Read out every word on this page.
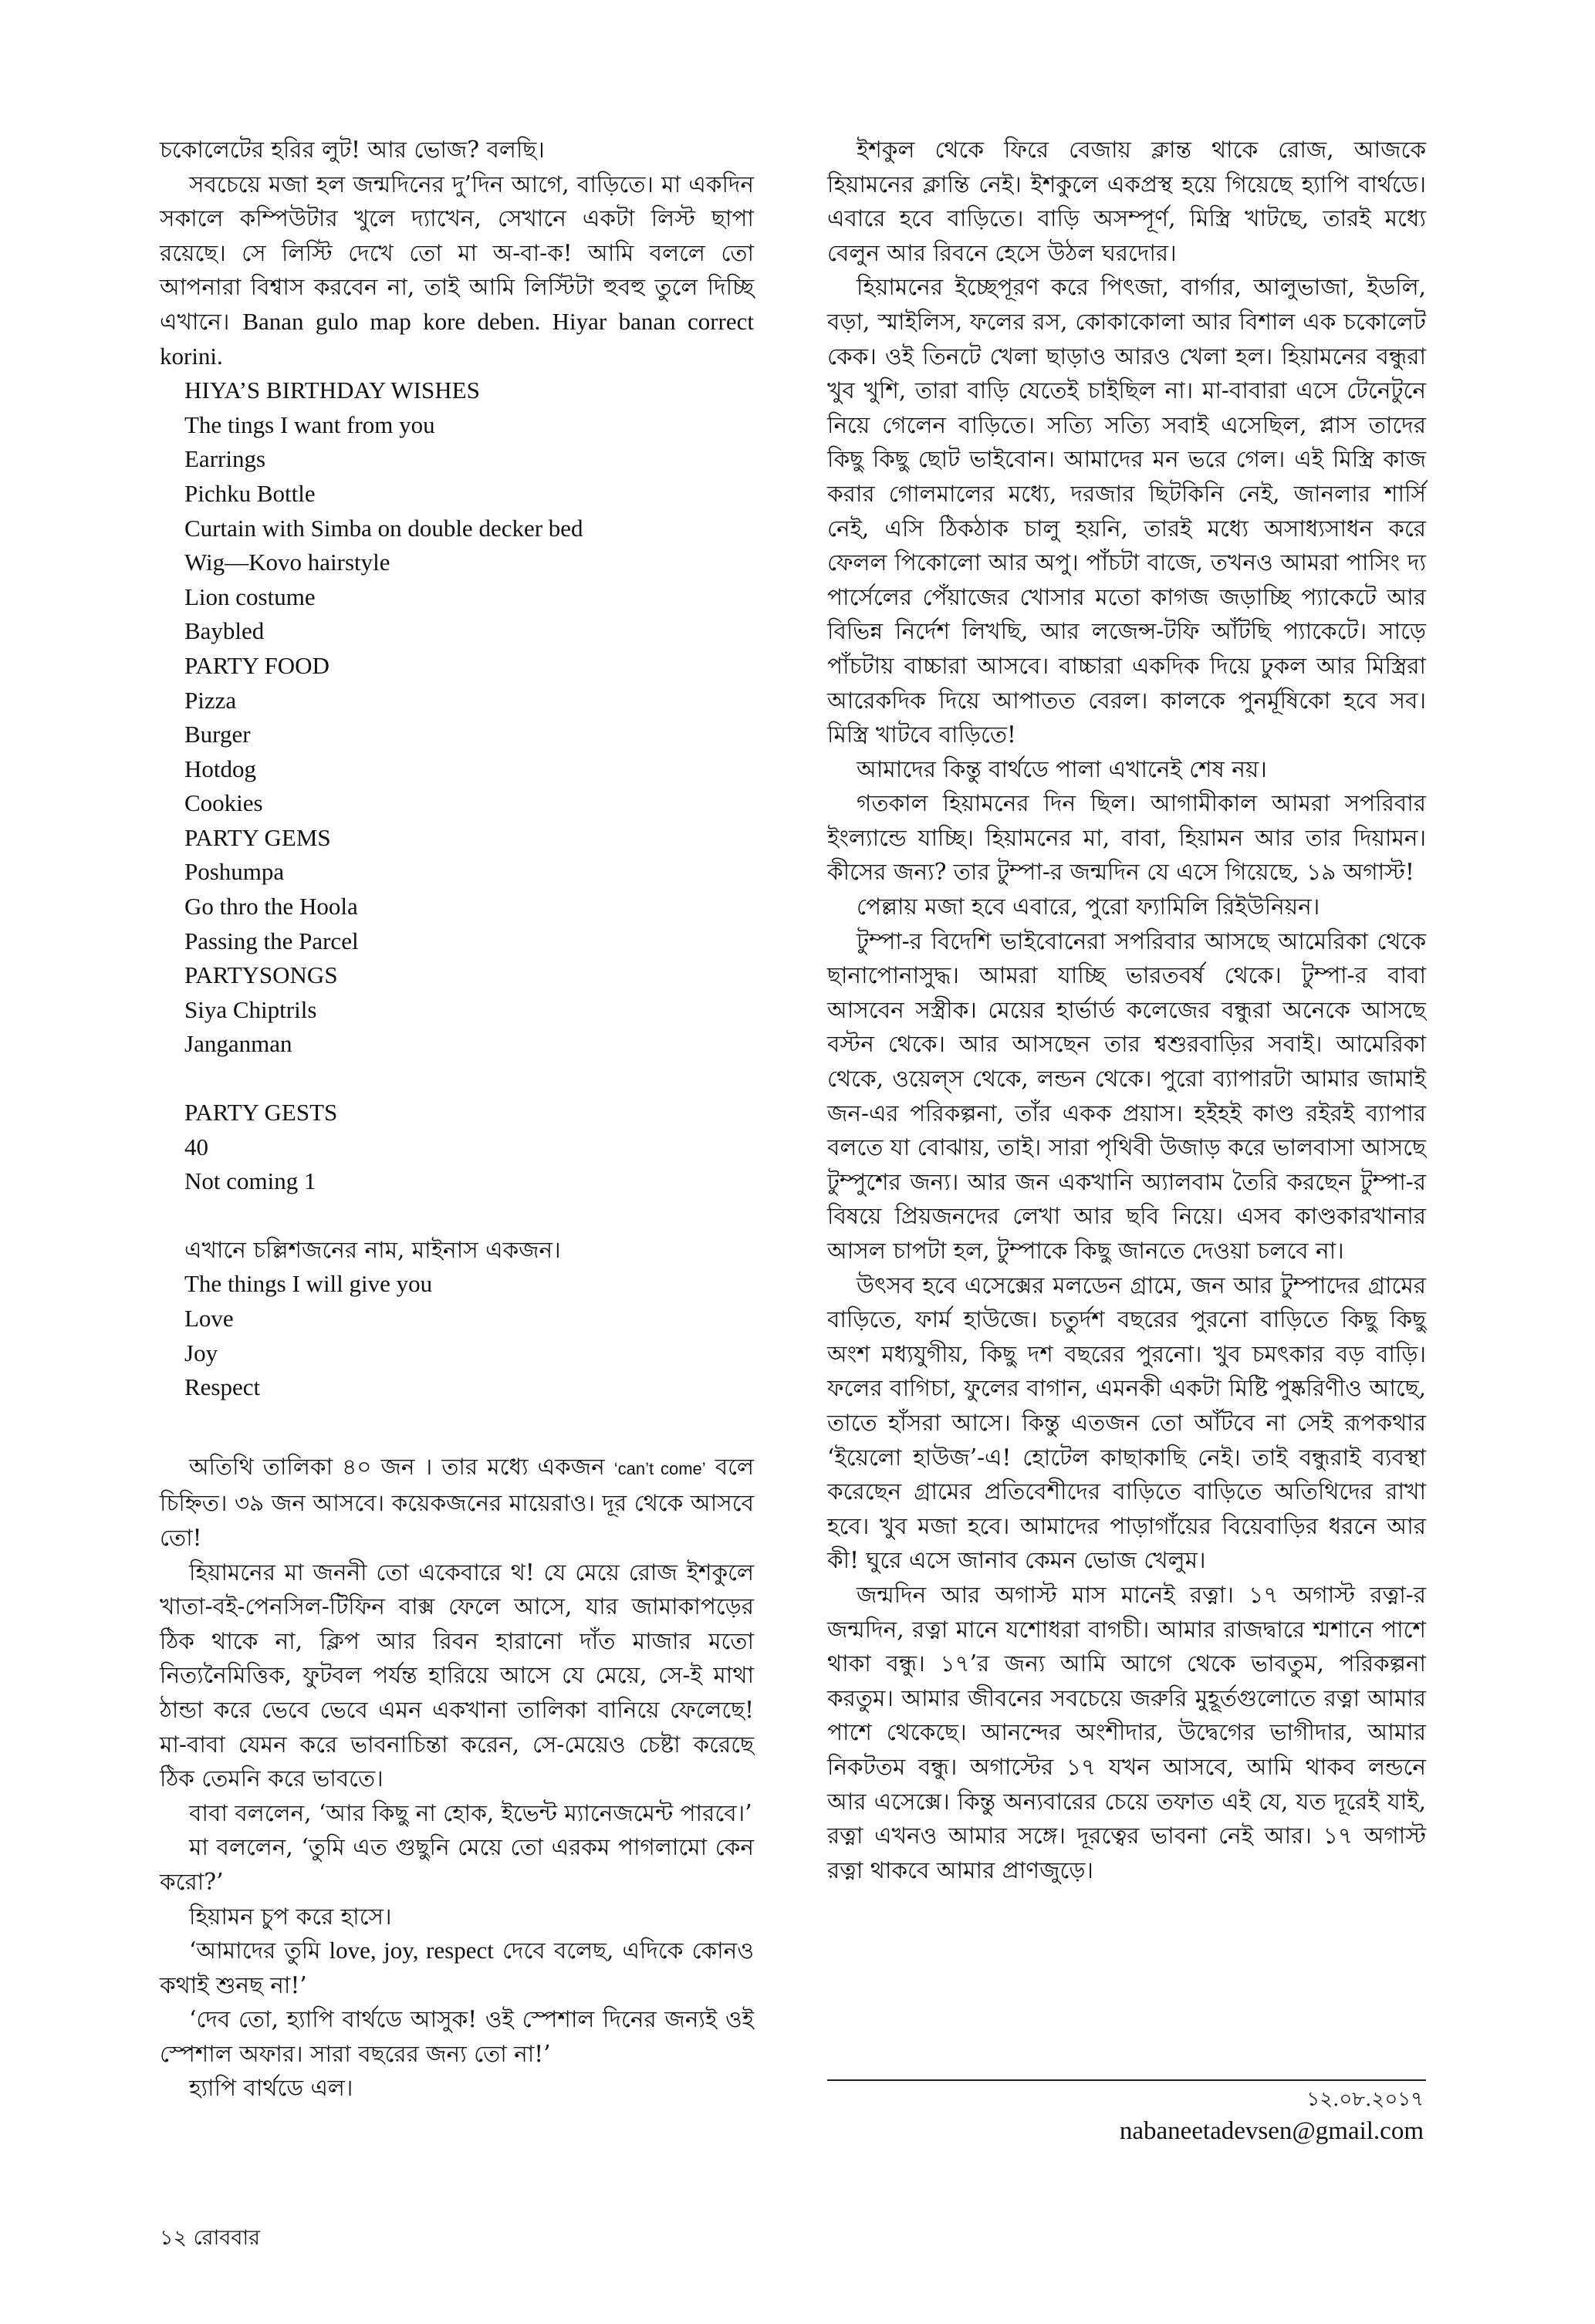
চকোলেটের হরির লুট! আর ভোজ? বলছি।

সবচেয়ে মজা হল জন্মদিনের দু’দিন আগে, বাড়িতে। মা একদিন সকালে কম্পিউটার খুলে দ্যাখেন, সেখানে একটা লিস্ট ছাপা রয়েছে। সে লিস্টি দেখে তো মা অ-বা-ক! আমি বললে তো আপনারা বিশ্বাস করবেন না, তাই আমি লিস্টিটা হুবহু তুলে দিচ্ছি এখানে। Banan gulo map kore deben. Hiyar banan correct korini.

HIYA’S BIRTHDAY WISHES
The tings I want from you
Earrings
Pichku Bottle
Curtain with Simba on double decker bed
Wig—Kovo hairstyle
Lion costume
Baybled
PARTY FOOD
Pizza
Burger
Hotdog
Cookies
PARTY GEMS
Poshumpa
Go thro the Hoola
Passing the Parcel
PARTYSONGS
Siya Chiptrils
Janganman
PARTY GESTS
40
Not coming 1

এখানে চল্লিশজনের নাম, মাইনাস একজন।

The things I will give you
Love
Joy
Respect

অতিথি তালিকা ৪০ জন । তার মধ্যে একজন ‘can’t come’ বলে চিহ্নিত। ৩৯ জন আসবে। কয়েকজনের মায়েরাও। দূর থেকে আসবে তো!

হিয়ামনের মা জননী তো একেবারে থ! যে মেয়ে রোজ ইশকুলে খাতা-বই-পেনসিল-টিফিন বাক্স ফেলে আসে, যার জামাকাপড়ের ঠিক থাকে না, ক্লিপ আর রিবন হারানো দাঁত মাজার মতো নিত্যনৈমিত্তিক, ফুটবল পর্যন্ত হারিয়ে আসে যে মেয়ে, সে-ই মাথা ঠান্ডা করে ভেবে ভেবে এমন একখানা তালিকা বানিয়ে ফেলেছে! মা-বাবা যেমন করে ভাবনাচিন্তা করেন, সে-মেয়েও চেষ্টা করেছে ঠিক তেমনি করে ভাবতে।

বাবা বললেন, ‘আর কিছু না হোক, ইভেন্ট ম্যানেজমেন্ট পারবে।’

মা বললেন, ‘তুমি এত গুছুনি মেয়ে তো এরকম পাগলামো কেন করো?’

হিয়ামন চুপ করে হাসে।

‘আমাদের তুমি love, joy, respect দেবে বলেছ, এদিকে কোনও কথাই শুনছ না!’

‘দেব তো, হ্যাপি বার্থডে আসুক! ওই স্পেশাল দিনের জন্যই ওই স্পেশাল অফার। সারা বছরের জন্য তো না!’

হ্যাপি বার্থডে এল।

ইশকুল থেকে ফিরে বেজায় ক্লান্ত থাকে রোজ, আজকে হিয়ামনের ক্লান্তি নেই। ইশকুলে একপ্রস্থ হয়ে গিয়েছে হ্যাপি বার্থডে। এবারে হবে বাড়িতে। বাড়ি অসম্পূর্ণ, মিস্ত্রি খাটছে, তারই মধ্যে বেলুন আর রিবনে হেসে উঠল ঘরদোর।

হিয়ামনের ইচ্ছেপূরণ করে পিৎজা, বার্গার, আলুভাজা, ইডলি, বড়া, স্মাইলিস, ফলের রস, কোকাকোলা আর বিশাল এক চকোলেট কেক। ওই তিনটে খেলা ছাড়াও আরও খেলা হল। হিয়ামনের বন্ধুরা খুব খুশি, তারা বাড়ি যেতেই চাইছিল না। মা-বাবারা এসে টেনেটুনে নিয়ে গেলেন বাড়িতে। সত্যি সত্যি সবাই এসেছিল, প্লাস তাদের কিছু কিছু ছোট ভাইবোন। আমাদের মন ভরে গেল। এই মিস্ত্রি কাজ করার গোলমালের মধ্যে, দরজার ছিটকিনি নেই, জানলার শার্সি নেই, এসি ঠিকঠাক চালু হয়নি, তারই মধ্যে অসাধ্যসাধন করে ফেলল পিকোলো আর অপু। পাঁচটা বাজে, তখনও আমরা পাসিং দ্য পার্সেলের পেঁয়াজের খোসার মতো কাগজ জড়াচ্ছি প্যাকেটে আর বিভিন্ন নির্দেশ লিখছি, আর লজেন্স-টফি আঁটছি প্যাকেটে। সাড়ে পাঁচটায় বাচ্চারা আসবে। বাচ্চারা একদিক দিয়ে ঢুকল আর মিস্ত্রিরা আরেকদিক দিয়ে আপাতত বেরল। কালকে পুনর্মূষিকো হবে সব। মিস্ত্রি খাটবে বাড়িতে!

আমাদের কিন্তু বার্থডে পালা এখানেই শেষ নয়।

গতকাল হিয়ামনের দিন ছিল। আগামীকাল আমরা সপরিবার ইংল্যান্ডে যাচ্ছি। হিয়ামনের মা, বাবা, হিয়ামন আর তার দিয়ামন। কীসের জন্য? তার টুম্পা-র জন্মদিন যে এসে গিয়েছে, ১৯ অগাস্ট!

পেল্লায় মজা হবে এবারে, পুরো ফ্যামিলি রিইউনিয়ন।

টুম্পা-র বিদেশি ভাইবোনেরা সপরিবার আসছে আমেরিকা থেকে ছানাপোনাসুদ্ধ। আমরা যাচ্ছি ভারতবর্ষ থেকে। টুম্পা-র বাবা আসবেন সস্ত্রীক। মেয়ের হার্ভার্ড কলেজের বন্ধুরা অনেকে আসছে বস্টন থেকে। আর আসছেন তার শ্বশুরবাড়ির সবাই। আমেরিকা থেকে, ওয়েল্‌স থেকে, লন্ডন থেকে। পুরো ব্যাপারটা আমার জামাই জন-এর পরিকল্পনা, তাঁর একক প্রয়াস। হইহই কাণ্ড রইরই ব্যাপার বলতে যা বোঝায়, তাই। সারা পৃথিবী উজাড় করে ভালবাসা আসছে টুম্পুশের জন্য। আর জন একখানি অ্যালবাম তৈরি করছেন টুম্পা-র বিষয়ে প্রিয়জনদের লেখা আর ছবি নিয়ে। এসব কাণ্ডকারখানার আসল চাপটা হল, টুম্পাকে কিছু জানতে দেওয়া চলবে না।

উৎসব হবে এসেক্সের মলডেন গ্রামে, জন আর টুম্পাদের গ্রামের বাড়িতে, ফার্ম হাউজে। চতুর্দশ বছরের পুরনো বাড়িতে কিছু কিছু অংশ মধ্যযুগীয়, কিছু দশ বছরের পুরনো। খুব চমৎকার বড় বাড়ি। ফলের বাগিচা, ফুলের বাগান, এমনকী একটা মিষ্টি পুষ্করিণীও আছে, তাতে হাঁসরা আসে। কিন্তু এতজন তো আঁটবে না সেই রূপকথার ‘ইয়েলো হাউজ’-এ! হোটেল কাছাকাছি নেই। তাই বন্ধুরাই ব্যবস্থা করেছেন গ্রামের প্রতিবেশীদের বাড়িতে বাড়িতে অতিথিদের রাখা হবে। খুব মজা হবে। আমাদের পাড়াগাঁয়ের বিয়েবাড়ির ধরনে আর কী! ঘুরে এসে জানাব কেমন ভোজ খেলুম।

জন্মদিন আর অগাস্ট মাস মানেই রত্না। ১৭ অগাস্ট রত্না-র জন্মদিন, রত্না মানে যশোধরা বাগচী। আমার রাজদ্বারে শ্মশানে পাশে থাকা বন্ধু। ১৭’র জন্য আমি আগে থেকে ভাবতুম, পরিকল্পনা করতুম। আমার জীবনের সবচেয়ে জরুরি মুহূর্তগুলোতে রত্না আমার পাশে থেকেছে। আনন্দের অংশীদার, উদ্বেগের ভাগীদার, আমার নিকটতম বন্ধু। অগাস্টের ১৭ যখন আসবে, আমি থাকব লন্ডনে আর এসেক্সে। কিন্তু অন্যবারের চেয়ে তফাত এই যে, যত দূরেই যাই, রত্না এখনও আমার সঙ্গে। দূরত্বের ভাবনা নেই আর। ১৭ অগাস্ট রত্না থাকবে আমার প্রাণজুড়ে।

১২.০৮.২০১৭
nabaneetadevsen@gmail.com
১২ রোববার
